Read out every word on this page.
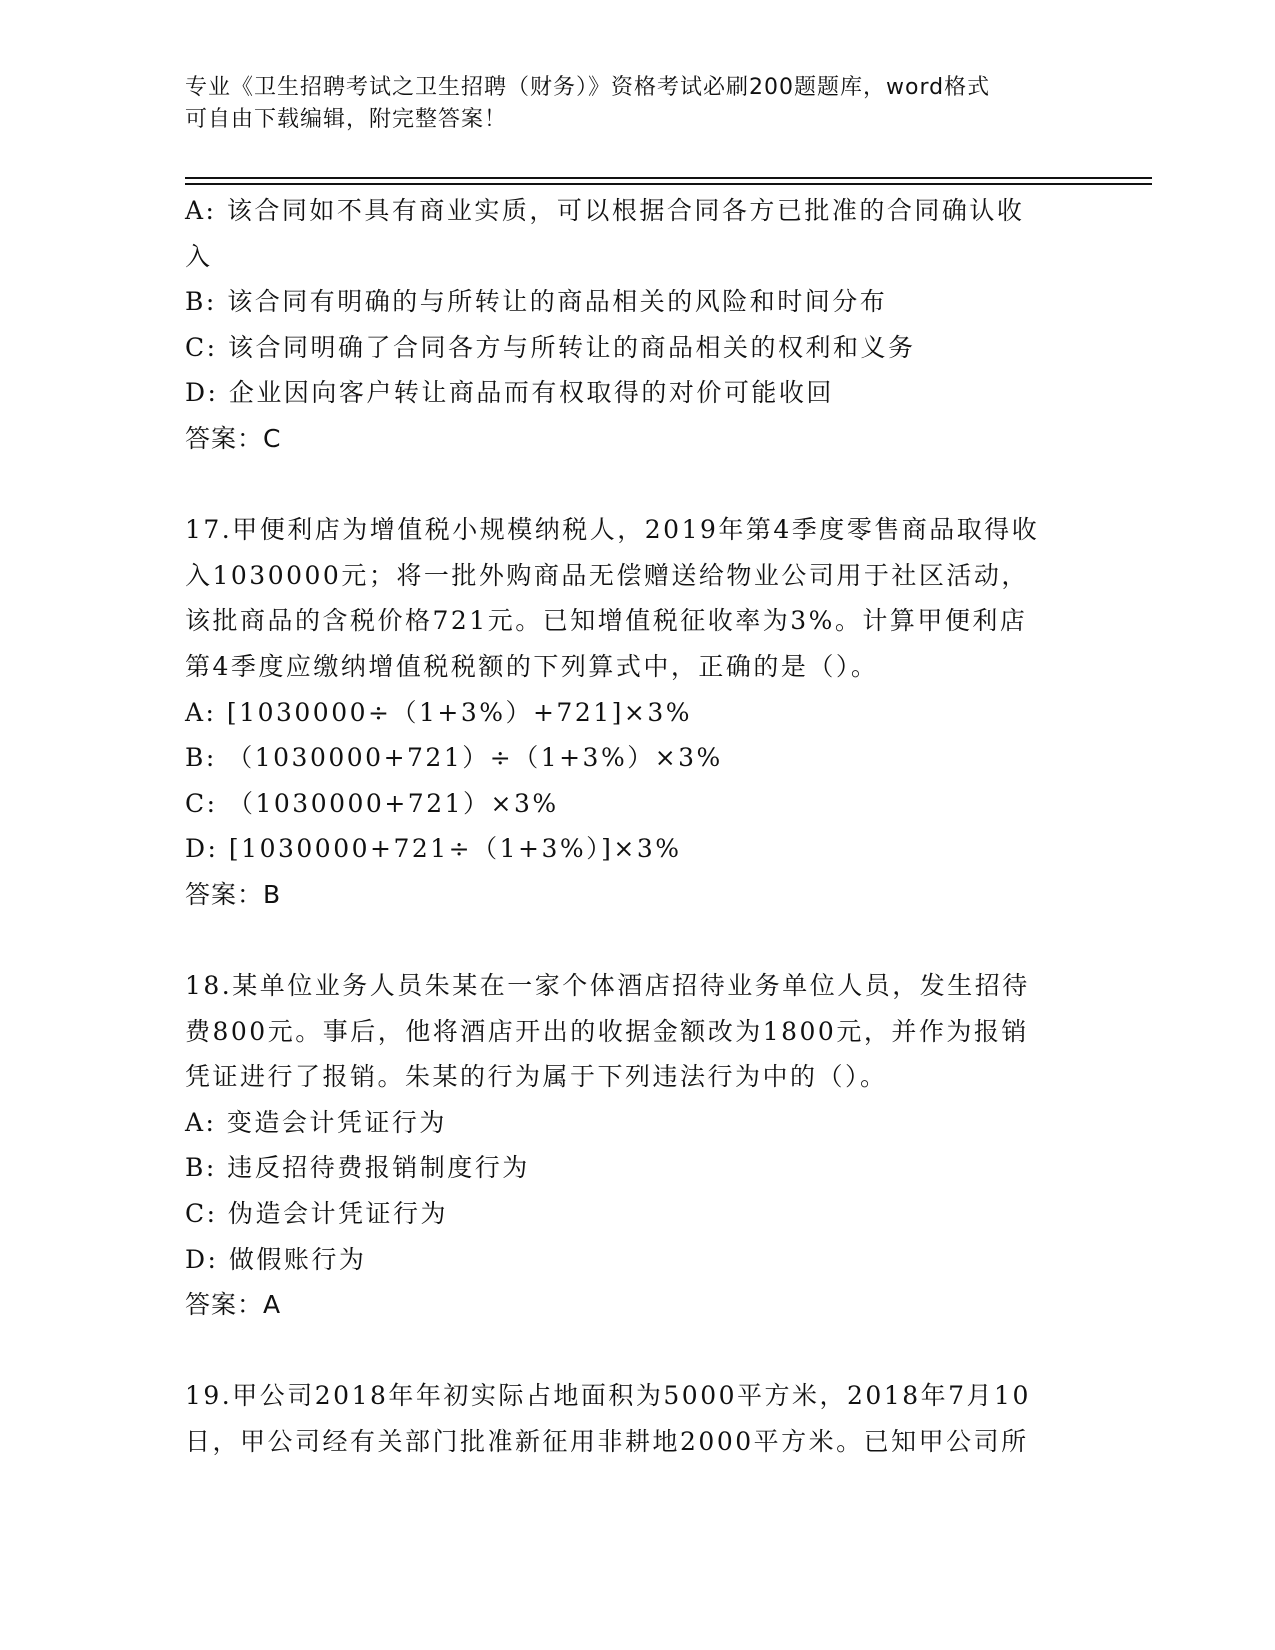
专业《卫生招聘考试之卫生招聘（财务）》资格考试必刷200题题库，word格式
可自由下载编辑，附完整答案！
A: 该合同如不具有商业实质，可以根据合同各方已批准的合同确认收
入
B: 该合同有明确的与所转让的商品相关的风险和时间分布
C: 该合同明确了合同各方与所转让的商品相关的权利和义务
D: 企业因向客户转让商品而有权取得的对价可能收回
答案：C
17.甲便利店为增值税小规模纳税人，2019年第4季度零售商品取得收
入1030000元；将一批外购商品无偿赠送给物业公司用于社区活动，
该批商品的含税价格721元。已知增值税征收率为3%。计算甲便利店
第4季度应缴纳增值税税额的下列算式中，正确的是（）。
A: [1030000÷（1+3%）+721]×3%
B: （1030000+721）÷（1+3%）×3%
C: （1030000+721）×3%
D: [1030000+721÷（1+3%）]×3%
答案：B
18.某单位业务人员朱某在一家个体酒店招待业务单位人员，发生招待
费800元。事后，他将酒店开出的收据金额改为1800元，并作为报销
凭证进行了报销。朱某的行为属于下列违法行为中的（）。
A: 变造会计凭证行为
B: 违反招待费报销制度行为
C: 伪造会计凭证行为
D: 做假账行为
答案：A
19.甲公司2018年年初实际占地面积为5000平方米，2018年7月10
日，甲公司经有关部门批准新征用非耕地2000平方米。已知甲公司所
